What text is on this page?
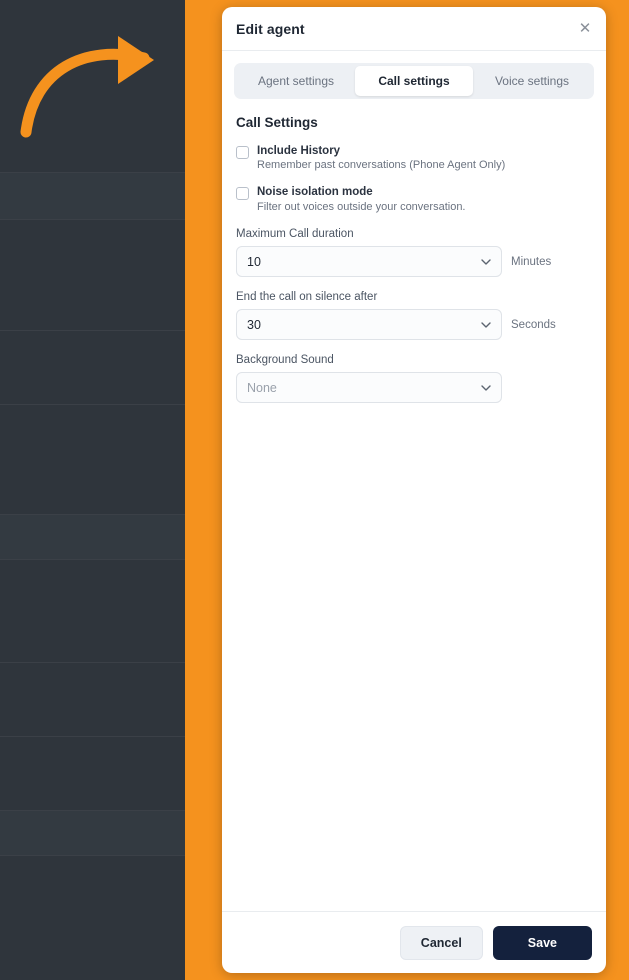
Edit agent	✕
Agent settings	Call settings	Voice settings
Call Settings
Include History
Remember past conversations (Phone Agent Only)
Noise isolation mode
Filter out voices outside your conversation.
Maximum Call duration
10	Minutes
End the call on silence after
30	Seconds
Background Sound
None
Cancel	Save
